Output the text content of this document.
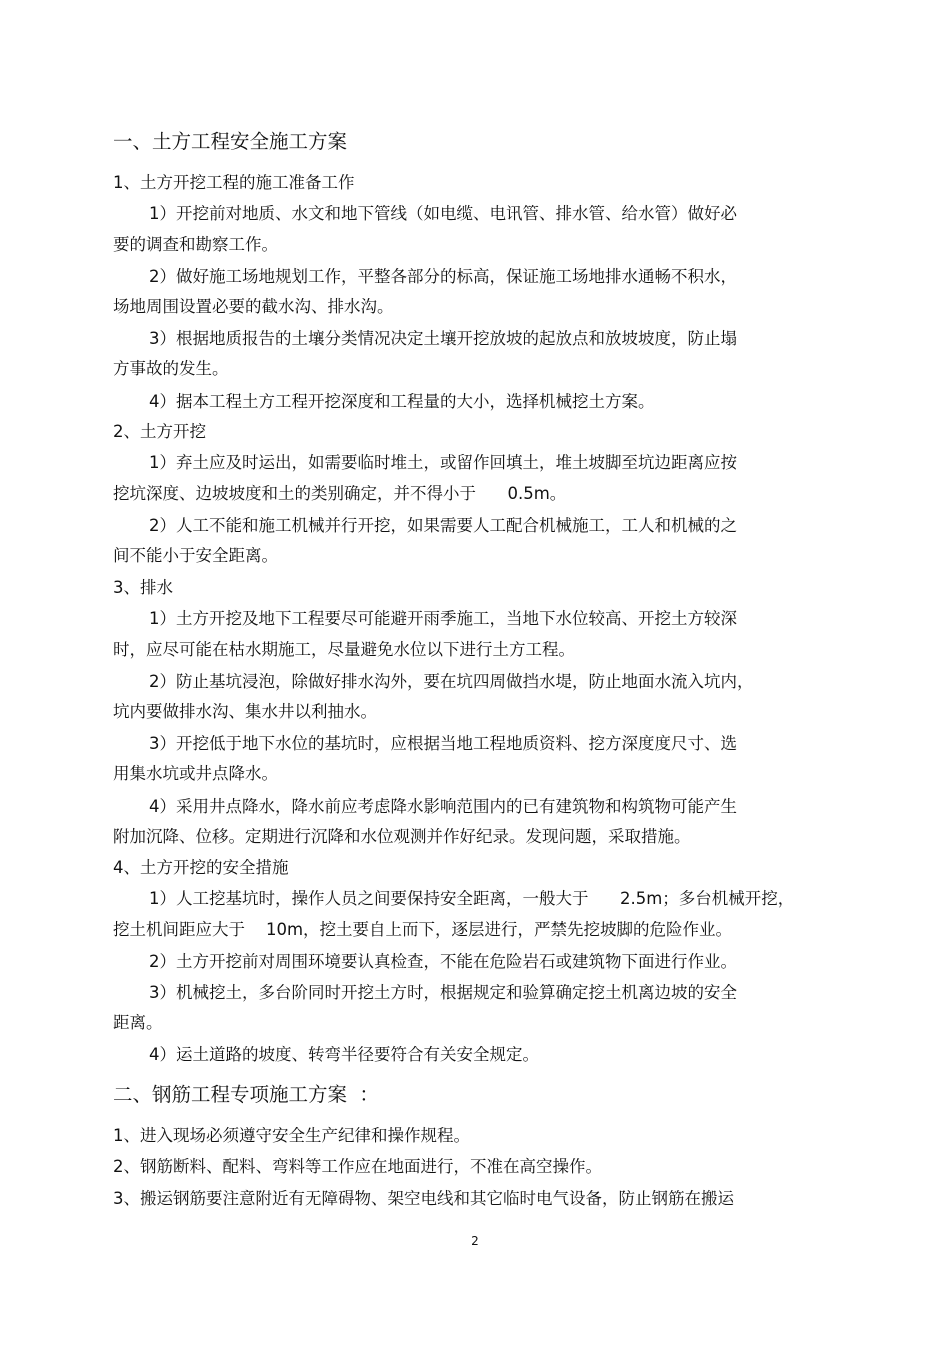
一、土方工程安全施工方案
1、土方开挖工程的施工准备工作
1）开挖前对地质、水文和地下管线（如电缆、电讯管、排水管、给水管）做好必
要的调查和勘察工作。
2）做好施工场地规划工作，平整各部分的标高，保证施工场地排水通畅不积水，
场地周围设置必要的截水沟、排水沟。
3）根据地质报告的土壤分类情况决定土壤开挖放坡的起放点和放坡坡度，防止塌
方事故的发生。
4）据本工程土方工程开挖深度和工程量的大小，选择机械挖土方案。
2、土方开挖
1）弃土应及时运出，如需要临时堆土，或留作回填土，堆土坡脚至坑边距离应按
挖坑深度、边坡坡度和土的类别确定，并不得小于      0.5m。
2）人工不能和施工机械并行开挖，如果需要人工配合机械施工，工人和机械的之
间不能小于安全距离。
3、排水
1）土方开挖及地下工程要尽可能避开雨季施工，当地下水位较高、开挖土方较深
时，应尽可能在枯水期施工，尽量避免水位以下进行土方工程。
2）防止基坑浸泡，除做好排水沟外，要在坑四周做挡水堤，防止地面水流入坑内，
坑内要做排水沟、集水井以利抽水。
3）开挖低于地下水位的基坑时，应根据当地工程地质资料、挖方深度度尺寸、选
用集水坑或井点降水。
4）采用井点降水，降水前应考虑降水影响范围内的已有建筑物和构筑物可能产生
附加沉降、位移。定期进行沉降和水位观测并作好纪录。发现问题，采取措施。
4、土方开挖的安全措施
1）人工挖基坑时，操作人员之间要保持安全距离，一般大于      2.5m；多台机械开挖，
挖土机间距应大于    10m，挖土要自上而下，逐层进行，严禁先挖坡脚的危险作业。
2）土方开挖前对周围环境要认真检查，不能在危险岩石或建筑物下面进行作业。
3）机械挖土，多台阶同时开挖土方时，根据规定和验算确定挖土机离边坡的安全
距离。
4）运土道路的坡度、转弯半径要符合有关安全规定。
二、钢筋工程专项施工方案  ：
1、进入现场必须遵守安全生产纪律和操作规程。
2、钢筋断料、配料、弯料等工作应在地面进行，不准在高空操作。
3、搬运钢筋要注意附近有无障碍物、架空电线和其它临时电气设备，防止钢筋在搬运
2
